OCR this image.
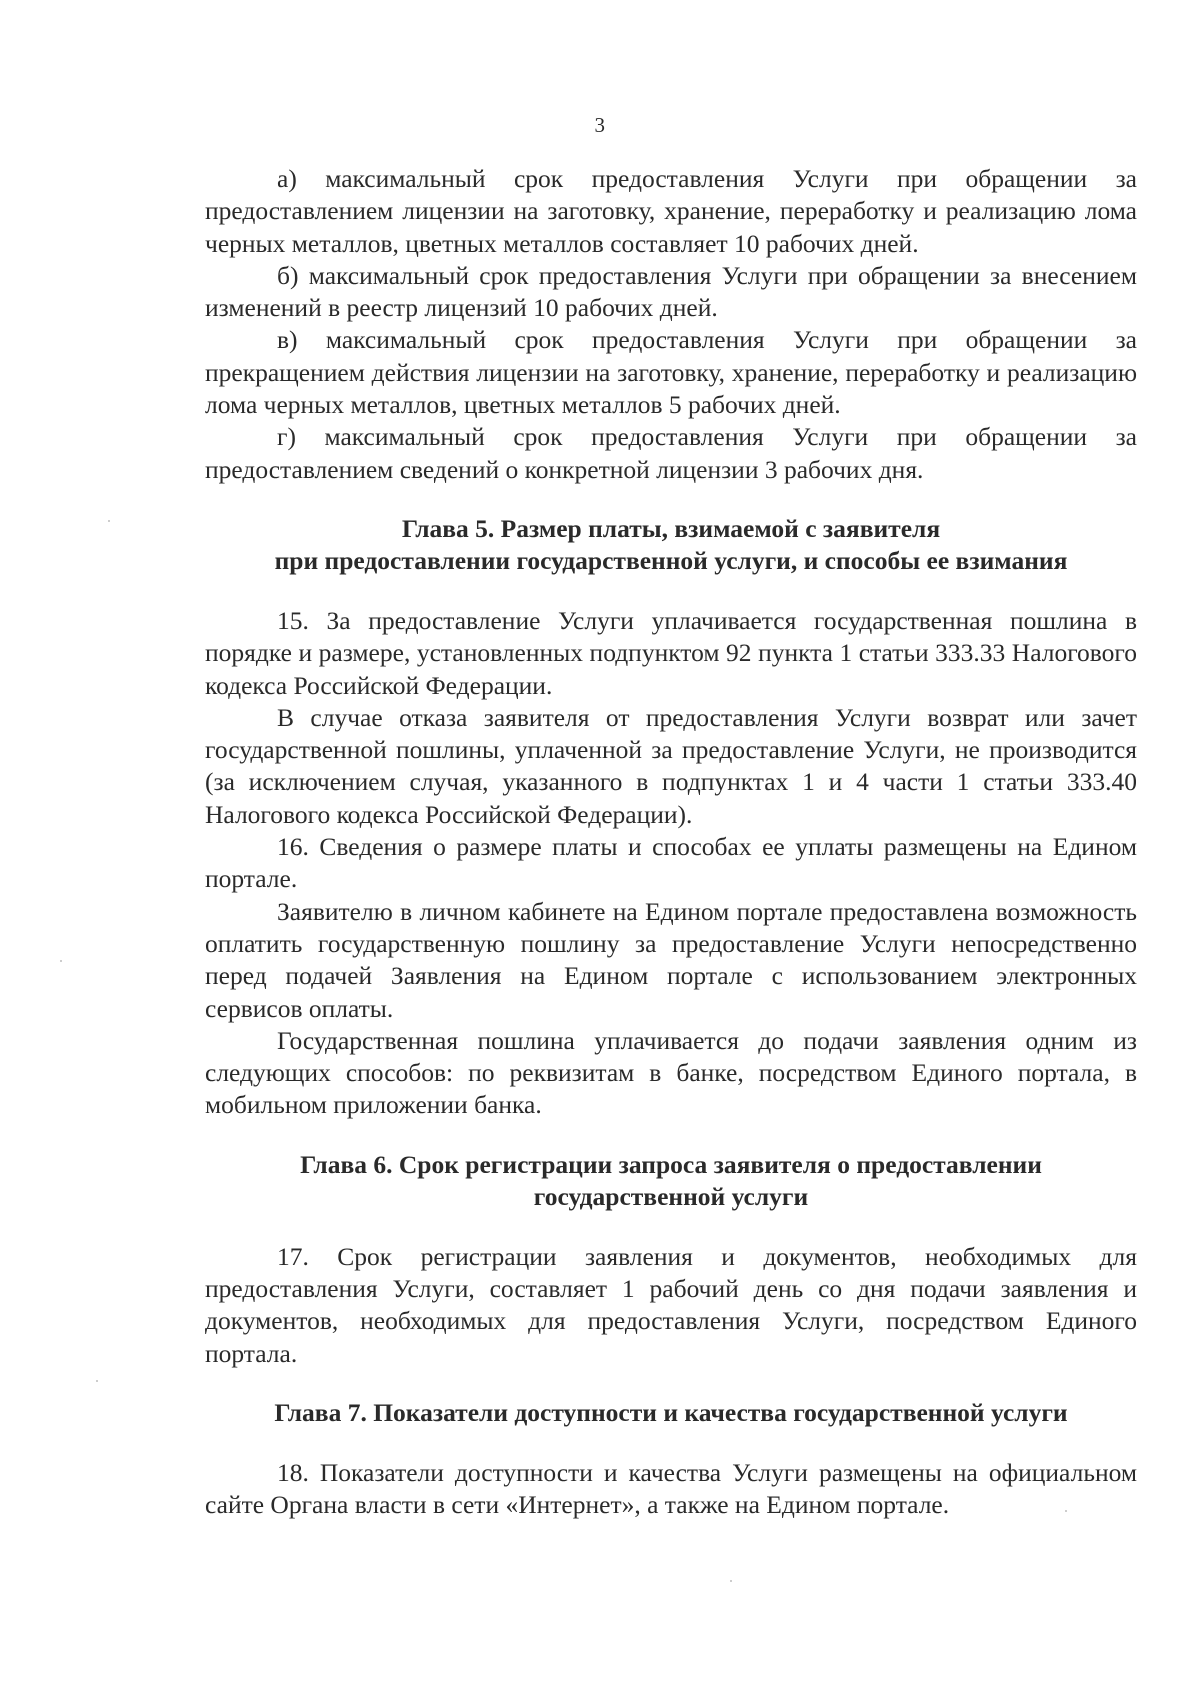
3

а) максимальный срок предоставления Услуги при обращении за предоставлением лицензии на заготовку, хранение, переработку и реализацию лома черных металлов, цветных металлов составляет 10 рабочих дней.

б) максимальный срок предоставления Услуги при обращении за внесением изменений в реестр лицензий 10 рабочих дней.

в) максимальный срок предоставления Услуги при обращении за прекращением действия лицензии на заготовку, хранение, переработку и реализацию лома черных металлов, цветных металлов 5 рабочих дней.

г) максимальный срок предоставления Услуги при обращении за предоставлением сведений о конкретной лицензии 3 рабочих дня.

Глава 5. Размер платы, взимаемой с заявителя
при предоставлении государственной услуги, и способы ее взимания

15. За предоставление Услуги уплачивается государственная пошлина в порядке и размере, установленных подпунктом 92 пункта 1 статьи 333.33 Налогового кодекса Российской Федерации.

В случае отказа заявителя от предоставления Услуги возврат или зачет государственной пошлины, уплаченной за предоставление Услуги, не производится (за исключением случая, указанного в подпунктах 1 и 4 части 1 статьи 333.40 Налогового кодекса Российской Федерации).

16. Сведения о размере платы и способах ее уплаты размещены на Едином портале.

Заявителю в личном кабинете на Едином портале предоставлена возможность оплатить государственную пошлину за предоставление Услуги непосредственно перед подачей Заявления на Едином портале с использованием электронных сервисов оплаты.

Государственная пошлина уплачивается до подачи заявления одним из следующих способов: по реквизитам в банке, посредством Единого портала, в мобильном приложении банка.

Глава 6. Срок регистрации запроса заявителя о предоставлении
государственной услуги

17. Срок регистрации заявления и документов, необходимых для предоставления Услуги, составляет 1 рабочий день со дня подачи заявления и документов, необходимых для предоставления Услуги, посредством Единого портала.

Глава 7. Показатели доступности и качества государственной услуги

18. Показатели доступности и качества Услуги размещены на официальном сайте Органа власти в сети «Интернет», а также на Едином портале.
